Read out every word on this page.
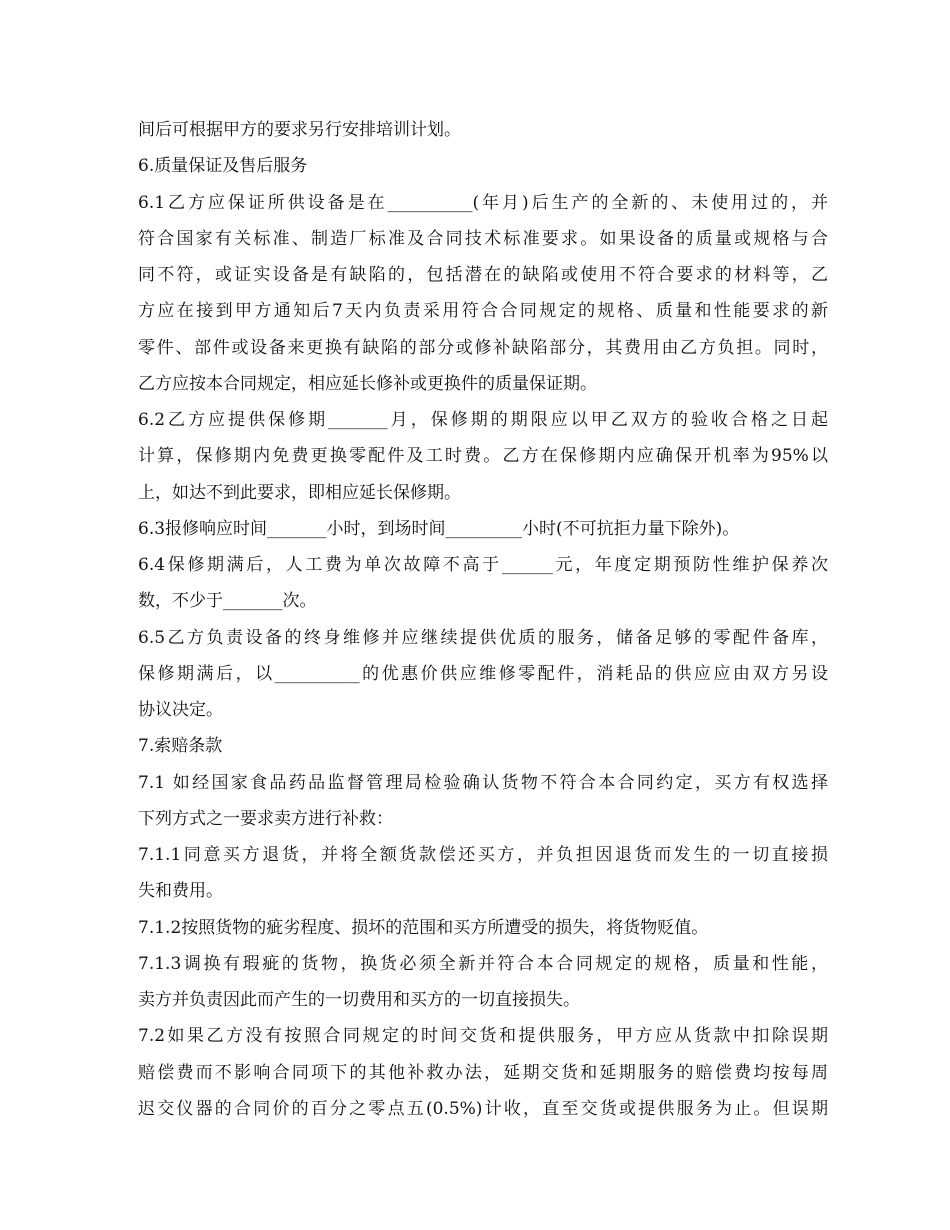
间后可根据甲方的要求另行安排培训计划。
6.质量保证及售后服务
6.1乙方应保证所供设备是在__________(年月)后生产的全新的、未使用过的，并
符合国家有关标准、制造厂标准及合同技术标准要求。如果设备的质量或规格与合
同不符，或证实设备是有缺陷的，包括潜在的缺陷或使用不符合要求的材料等，乙
方应在接到甲方通知后7天内负责采用符合合同规定的规格、质量和性能要求的新
零件、部件或设备来更换有缺陷的部分或修补缺陷部分，其费用由乙方负担。同时，
乙方应按本合同规定，相应延长修补或更换件的质量保证期。
6.2乙方应提供保修期_______月，保修期的期限应以甲乙双方的验收合格之日起
计算，保修期内免费更换零配件及工时费。乙方在保修期内应确保开机率为95%以
上，如达不到此要求，即相应延长保修期。
6.3报修响应时间_______小时，到场时间_________小时(不可抗拒力量下除外)。
6.4保修期满后，人工费为单次故障不高于______元，年度定期预防性维护保养次
数，不少于_______次。
6.5乙方负责设备的终身维修并应继续提供优质的服务，储备足够的零配件备库，
保修期满后，以__________的优惠价供应维修零配件，消耗品的供应应由双方另设
协议决定。
7.索赔条款
7.1 如经国家食品药品监督管理局检验确认货物不符合本合同约定，买方有权选择
下列方式之一要求卖方进行补救：
7.1.1同意买方退货，并将全额货款偿还买方，并负担因退货而发生的一切直接损
失和费用。
7.1.2按照货物的疵劣程度、损坏的范围和买方所遭受的损失，将货物贬值。
7.1.3调换有瑕疵的货物，换货必须全新并符合本合同规定的规格，质量和性能，
卖方并负责因此而产生的一切费用和买方的一切直接损失。
7.2如果乙方没有按照合同规定的时间交货和提供服务，甲方应从货款中扣除误期
赔偿费而不影响合同项下的其他补救办法，延期交货和延期服务的赔偿费均按每周
迟交仪器的合同价的百分之零点五(0.5%)计收，直至交货或提供服务为止。但误期
